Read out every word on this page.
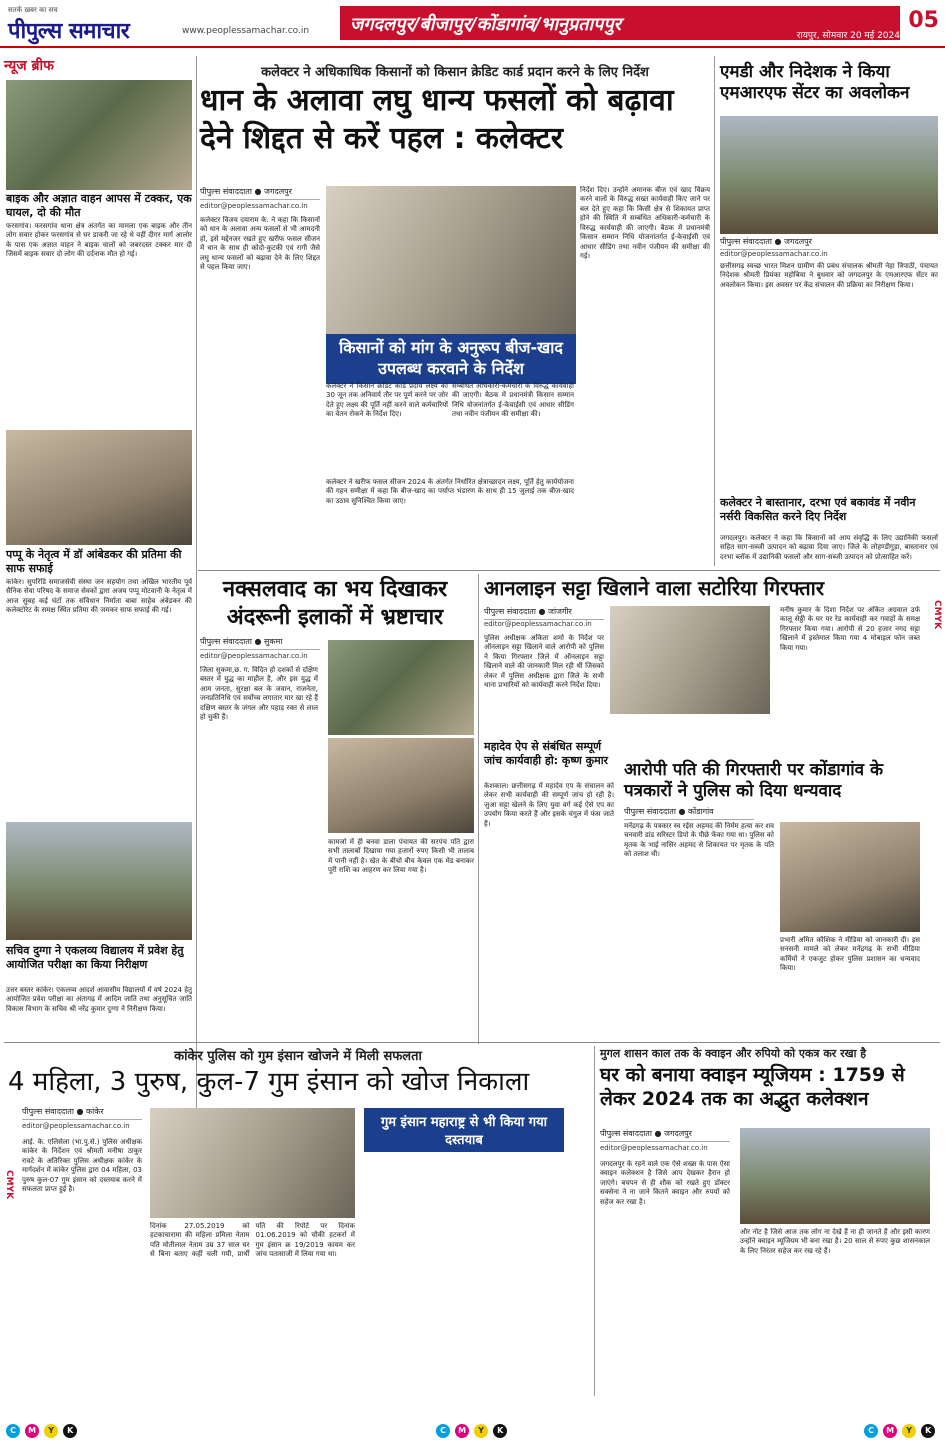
सतर्क ख़बर का सच
पीपुल्स समाचार	www.peoplessamachar.co.in	जगदलपुर/बीजापुर/कोंडागांव/भानुप्रतापपुर
रायपुर, सोमवार 20 मई 2024
05
न्यूज ब्रीफ
बाइक और अज्ञात वाहन आपस में टक्कर, एक घायल, दो की मौत
फरसगांव। फरसगांव थाना क्षेत्र अंतर्गत का मामला एक बाइक और तीन लोग सवार होकर फरसगांव से घर डाकरी जा रहे थे वहीं दीगर मार्ग आलोर के पास एक अज्ञात वाहन ने बाइक चालों को जबरदस्त टक्कर मार दी जिसमें बाइक सवार दो लोग की दर्दनाक मौत हो गई।
पप्पू के नेतृत्व में डॉ आंबेडकर की प्रतिमा की साफ सफाई
कांकेर। सुपरिडि समाजसेवी संस्था जन सहयोग तथा अखिल भारतीय पूर्व सैनिक सेवा परिषद के समाज सेवकों द्वारा अजय पप्पू मोटवानी के नेतृत्व में आज सुबह कई घंटों तक संविधान निर्माता बाबा साहेब अंबेडकर की कलेक्टोरेट के समक्ष स्थित प्रतिमा की जमकर साफ सफाई की गई।
सचिव दुग्गा ने एकलव्य विद्यालय में प्रवेश हेतु आयोजित परीक्षा का किया निरीक्षण
उत्तर बस्तर कांकेर। एकलव्य आदर्श आवासीय विद्यालयों में वर्ष 2024 हेतु आयोजित प्रवेश परीक्षा का अंतागढ़ में आदिम जाति तथा अनुसूचित जाति विकास विभाग के सचिव श्री नरेंद्र कुमार दुग्गा ने निरीक्षण किया।
कलेक्टर ने अधिकाधिक किसानों को किसान क्रेडिट कार्ड प्रदान करने के लिए निर्देश
धान के अलावा लघु धान्य फसलों को बढ़ावा देने शिद्दत से करें पहल : कलेक्टर
पीपुल्स संवाददाता ● जगदलपुर
editor@peoplessamachar.co.in
कलेक्टर विजय दयाराम के. ने कहा कि किसानों को धान के अलावा अन्य फसलों से भी आमदनी हो, इसे मद्देनजर रखते हुए खरीफ फसल सीजन में धान के साथ ही कोदो-कुटकी एवं रागी जैसे लघु धान्य फसलों को बढ़ावा देने के लिए शिद्दत से पहल किया जाए।
किसानों को मांग के अनुरूप बीज-खाद उपलब्ध करवाने के निर्देश
कलेक्टर ने किसान क्रेडिट कार्ड प्रदाय लक्ष्य को 30 जून तक अनिवार्य तौर पर पूर्ण करने पर जोर देते हुए लक्ष्य की पूर्ति नहीं करने वाले कर्मचारियों का वेतन रोकने के निर्देश दिए।
सम्बंधित अधिकारी-कर्मचारी के विरुद्ध कार्यवाही की जाएगी। बैठक में प्रधानमंत्री किसान सम्मान निधि योजनांतर्गत ई-केवाईसी एवं आधार सीडिंग तथा नवीन पंजीयन की समीक्षा की।
कलेक्टर ने खरीफ फसल सीजन 2024 के अंतर्गत निर्धारित क्षेत्राच्छादन लक्ष्य, पूर्ति हेतु कार्ययोजना की गहन समीक्षा में कहा कि बीज-खाद का पर्याप्त भंडारण के साथ ही 15 जुलाई तक बीज-खाद का उठाव सुनिश्चित किया जाए।
निर्देश दिए। उन्होंने अमानक बीज एवं खाद विक्रय करने वालों के विरुद्ध सख्त कार्यवाही किए जाने पर बल देते हुए कहा कि किसी क्षेत्र से शिकायत प्राप्त होने की स्थिति में सम्बंधित अधिकारी-कर्मचारी के विरुद्ध कार्यवाही की जाएगी। बैठक में प्रधानमंत्री किसान सम्मान निधि योजनांतर्गत ई-केवाईसी एवं आधार सीडिंग तथा नवीन पंजीयन की समीक्षा की गई।
एमडी और निदेशक ने किया एमआरएफ सेंटर का अवलोकन
पीपुल्स संवाददाता ● जगदलपुर
editor@peoplessamachar.co.in
छत्तीसगढ़ स्वच्छ भारत मिशन ग्रामीण की प्रबंध संचालक श्रीमती नेहा त्रिपाठी, पंचायत निदेशक श्रीमती प्रियंका महोबिया ने बुधवार को जगदलपुर के एमआरएफ सेंटर का अवलोकन किया। इस अवसर पर केंद्र संचालन की प्रक्रिया का निरीक्षण किया।
कलेक्टर ने बास्तानार, दरभा एवं बकावंड में नवीन नर्सरी विकसित करने दिए निर्देश
जगदलपुर। कलेक्टर ने कहा कि किसानों को आय संवृद्धि के लिए उद्यानिकी फसलों सहित साग-सब्जी उत्पादन को बढ़ावा दिया जाए। जिले के लोहण्डीगुड़ा, बास्तानार एवं दरभा ब्लॉक में उद्यानिकी फसलों और साग-सब्जी उत्पादन को प्रोत्साहित करें।
नक्सलवाद का भय दिखाकर अंदरूनी इलाकों में भ्रष्टाचार
पीपुल्स संवाददाता ● सुकमा
editor@peoplessamachar.co.in
जिला सुकमा,छ. ग. विदित हो दशकों से दक्षिण बस्तर में युद्ध का माहौल है, और इस युद्ध में आम जनता, सुरक्षा बल के जवान, राजनेता, जनप्रतिनिधि एवं सर्वोच्च लगातार मार खा रहे हैं दक्षिण बस्तर के जंगल और पहाड़ रक्त से लाल हो चुकी हैं।
कामजो में ही बनवा डाला पंचायत की सरपंच पति द्वारा सभी तालाबों दिखाया गया हजारों रुपए किसी भी तालाब में पानी नहीं है। खेत के बीचो बीच केवल एक मेड बनाकर पूरी राशि का आहरण कर लिया गया है।
आनलाइन सट्टा खिलाने वाला सटोरिया गिरफ्तार
पीपुल्स संवाददाता ● जांजगीर
editor@peoplessamachar.co.in
पुलिस अधीक्षक अकिता शर्मा के निर्देश पर ऑनलाइन सट्टा खिलाने वाले आरोपी को पुलिस ने किया गिरफ्तार जिले में ऑनलाइन सट्टा खिलाने वाले की जानकारी मिल रही थी जिसको लेकर में पुलिस अधीक्षक द्वारा जिले के सभी थाना प्रभारियों को कार्यवाही करने निर्देश दिया।
मनीष कुमार के दिशा निर्देश पर अंकित अग्रवाल उर्फ कालू सेठ्ठी के घर पर रेड कार्यवाही कर गवाहों के समक्ष गिरफ्तार किया गया। आरोपी से 20 हजार नगद सट्टा खिलाने में इस्तेमाल किया गया 4 मोबाइल फोन जब्त किया गया।
महादेव ऐप से संबंधित सम्पूर्ण जांच कार्यवाही हो: कृष्ण कुमार
केशकाल। छत्तीसगढ़ में महादेव एप के संचालन को लेकर सभी कार्यवाही की सम्पूर्ण जांच हो रही है। जुआ सट्टा खेलने के लिए युवा वर्ग कई ऐसे एप का उपयोग किया करते हैं और इसके चंगुल में फंस जाते हैं।
आरोपी पति की गिरफ्तारी पर कोंडागांव के पत्रकारों ने पुलिस को दिया धन्यवाद
पीपुल्स संवाददाता ● कोंडागांव
मनेंद्रगढ़ के पत्रकार स्व रईस अहमद की निर्मम हत्या कर शव चनवारी डांड सरिस्टर डिपो के पीछे फेंका गया था। पुलिस को मृतक के भाई नासिर अहमद से शिकायत पर मृतक के पति को तलाश थी।
प्रभारी अमित कौशिक ने मीडिया को जानकारी दी। इस सनसनी मामले को लेकर मनेंद्रगढ़ के सभी मीडिया कर्मियों ने एकजुट होकर पुलिस प्रशासन का धन्यवाद किया।
कांकेर पुलिस को गुम इंसान खोजने में मिली सफलता
4 महिला, 3 पुरुष, कुल-7 गुम इंसान को खोज निकाला
पीपुल्स संवाददाता ● कांकेर
editor@peoplessamachar.co.in
आई. के. एलिसेला (भा.पु.से.) पुलिस अधीक्षक कांकेर के निर्देशन एवं श्रीमती मनीषा ठाकुर रावटे के अतिरिक्त पुलिस अधीक्षक कांकेर के मार्गदर्शन में कांकेर पुलिस द्वारा 04 महिला, 03 पुरुष कुल-07 गुम इंसान को दस्तयाब करने में सफलता प्राप्त हुई है।
दिनांक 27.05.2019 को हटकाचारामा की महिला प्रमिला नेताम पति मोतीलाल नेताम उम्र 37 साल घर से बिना बताए कहीं चली गयी, प्रार्थी पति की रिपोर्ट पर दिनांक 01.06.2019 को चौकी हटकर्रा में गुम इंसान क्र 19/2019 कायम कर जांच पतासाजी में लिया गया था।
गुम इंसान महाराष्ट्र से भी किया गया दस्तयाब
मुगल शासन काल तक के क्वाइन और रुपियो को एकत्र कर रखा है
घर को बनाया क्वाइन म्यूजियम : 1759 से लेकर 2024 तक का अद्भुत कलेक्शन
पीपुल्स संवाददाता ● जगदलपुर
editor@peoplessamachar.co.in
जगदलपुर के रहने वाले एक ऐसे शख्स के पास ऐसा क्वाइन कलेक्शन है जिसे आप देखकर हैरान हो जाएंगे। बचपन से ही शौक को रखते हुए डॉक्टर सक्सेना ने ना जाने कितने क्वाइन और रुपयों को सहेज कर रखा है।
और नोट है जिसे आज तक लोग ना देखे हैं ना ही जानते हैं और इसी कारण उन्होंने क्वाइन म्यूजियम भी बना रखा है। 20 साल से रुपए कुछ शासनकाल के लिए निरंतर सहेज कर रख रहे हैं।
C M Y K	C M Y K	C M Y K
CMYK
CMYK
